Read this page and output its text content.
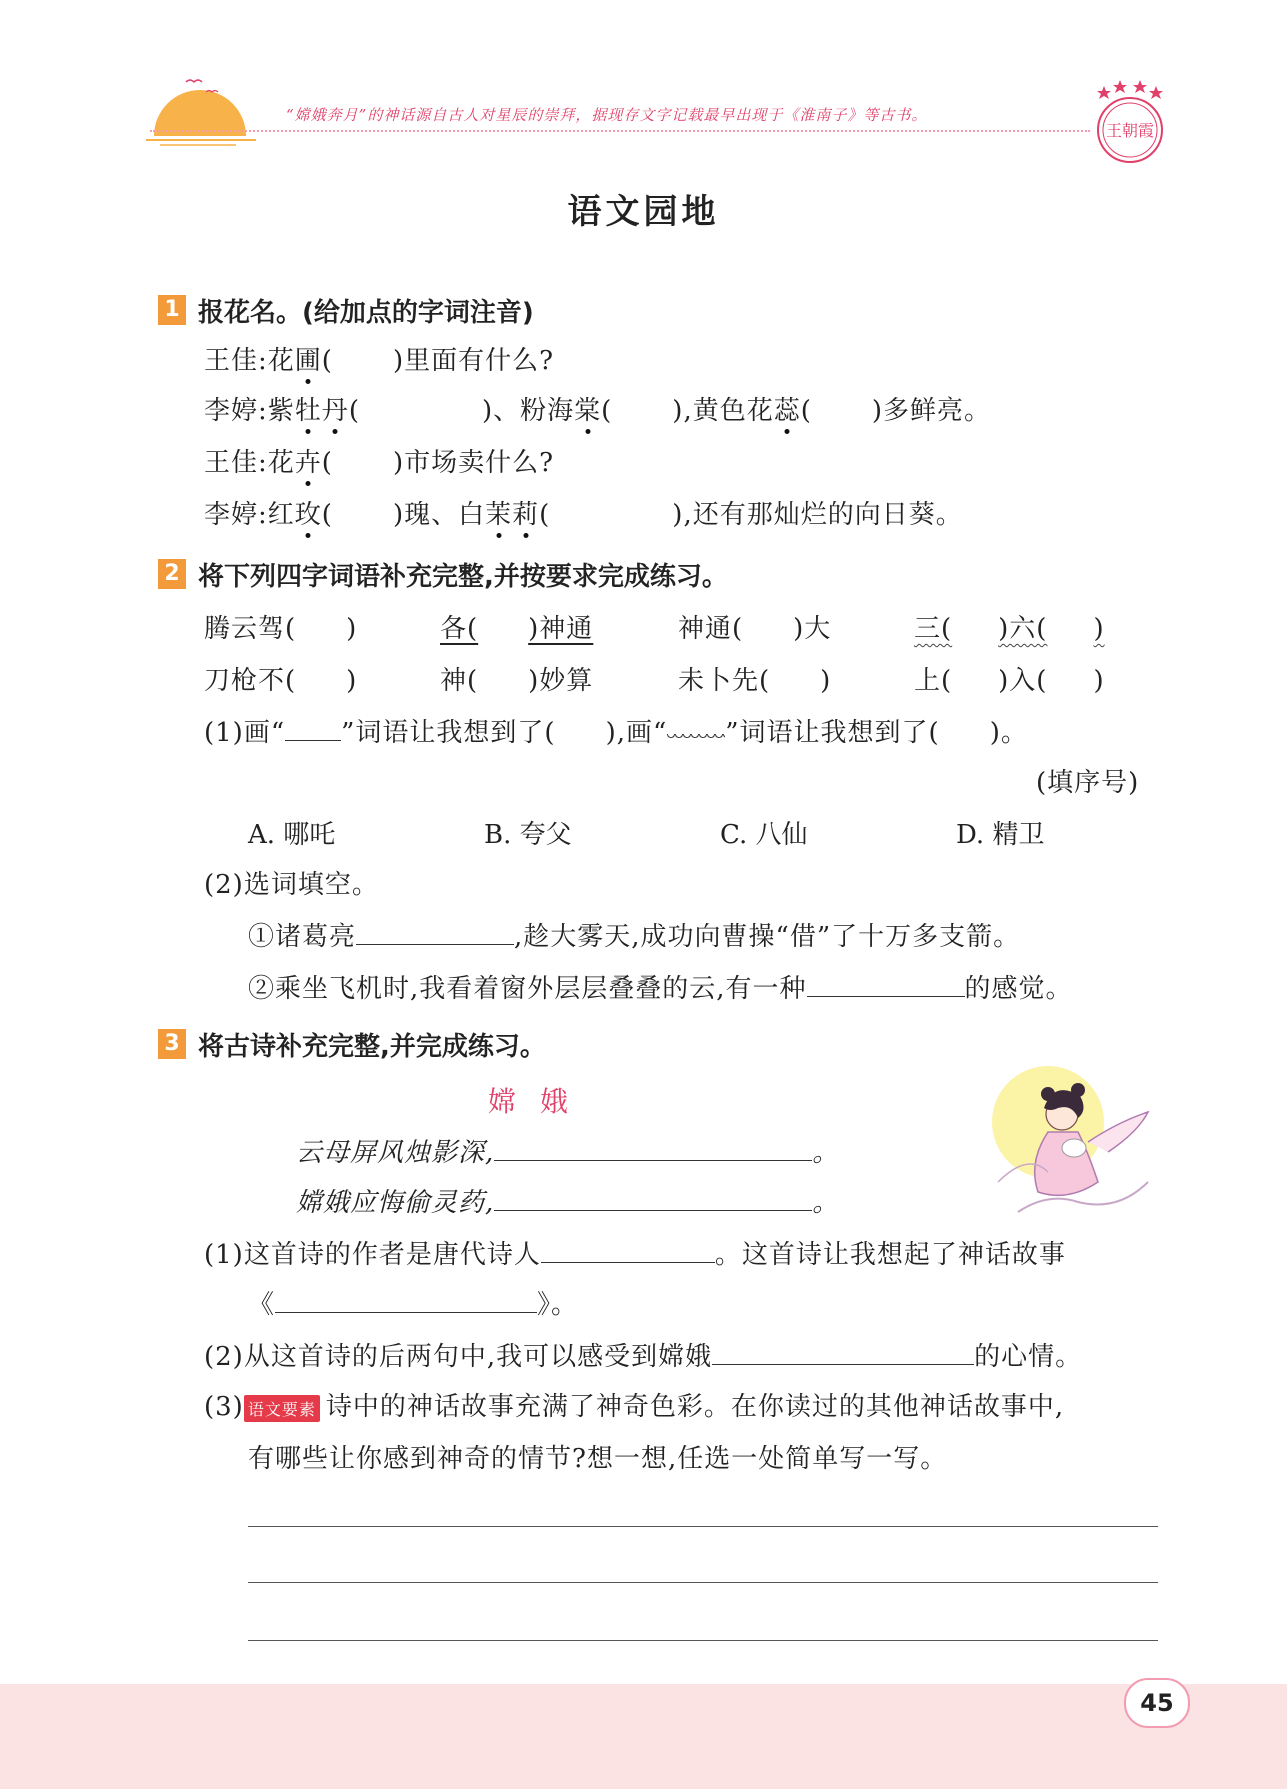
“嫦娥奔月”的神话源自古人对星辰的崇拜，据现存文字记载最早出现于《淮南子》等古书。
王朝霞
语文园地
1 报花名。(给加点的字词注音)
王佳:花圃( )里面有什么?
李婷:紫牡丹(	)、粉海棠( ),黄色花蕊( )多鲜亮。
王佳:花卉( )市场卖什么?
李婷:红玫( )瑰、白茉莉(	),还有那灿烂的向日葵。
2 将下列四字词语补充完整,并按要求完成练习。
腾云驾( )	各( )神通	神通( )大	三( )六( )
刀枪不( )	神( )妙算	未卜先( )	上( )入( )
(1)画“ ”词语让我想到了( ),画“ ”词语让我想到了( )。
(填序号)
A. 哪吒	B. 夸父	C. 八仙	D. 精卫
(2)选词填空。
①诸葛亮	,趁大雾天,成功向曹操“借”了十万多支箭。
②乘坐飞机时,我看着窗外层层叠叠的云,有一种	的感觉。
3 将古诗补充完整,并完成练习。
嫦娥
云母屏风烛影深,	。
嫦娥应悔偷灵药,	。
(1)这首诗的作者是唐代诗人	。这首诗让我想起了神话故事
《	》。
(2)从这首诗的后两句中,我可以感受到嫦娥	的心情。
(3) 语文要素 诗中的神话故事充满了神奇色彩。在你读过的其他神话故事中,
有哪些让你感到神奇的情节?想一想,任选一处简单写一写。
45
